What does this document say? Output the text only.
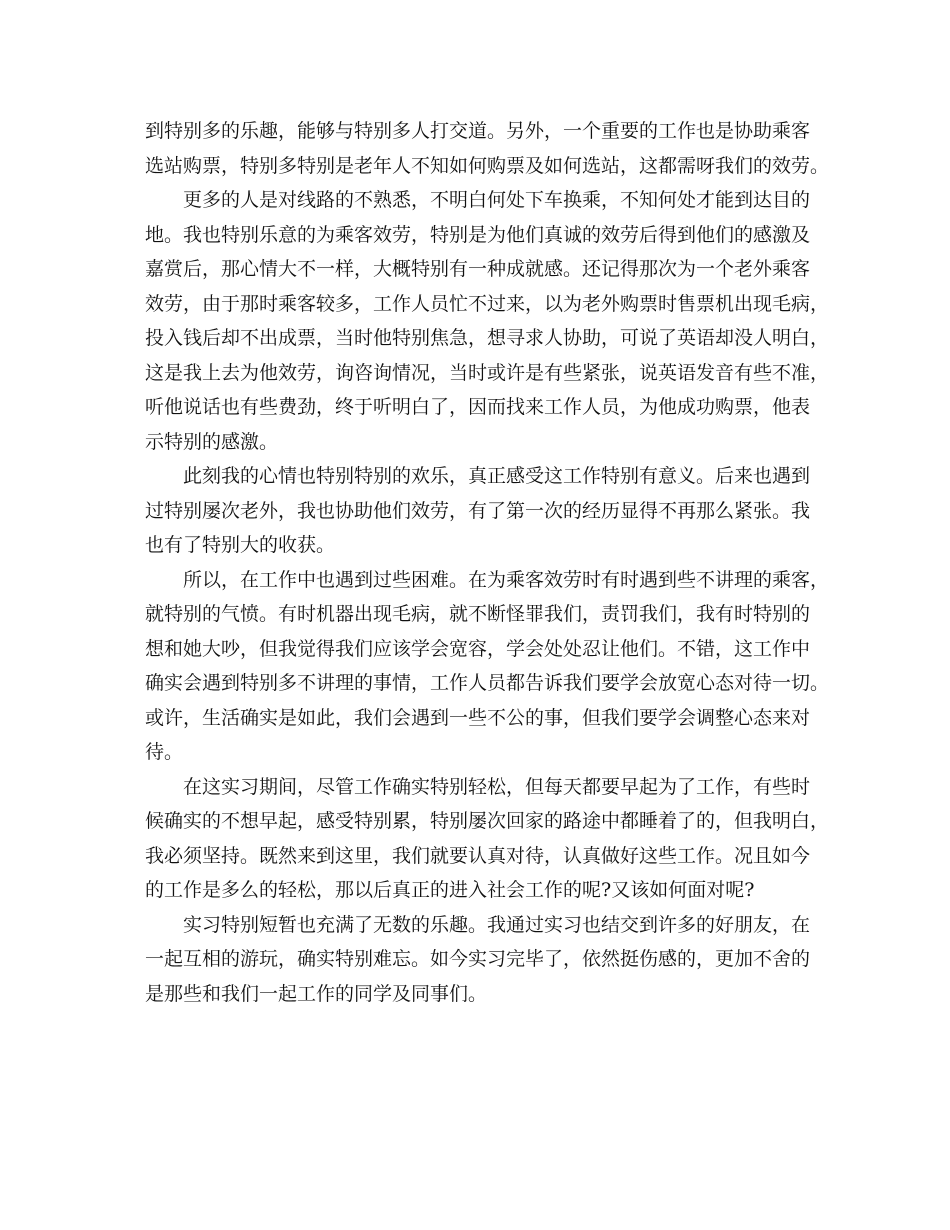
到特别多的乐趣，能够与特别多人打交道。另外，一个重要的工作也是协助乘客
选站购票，特别多特别是老年人不知如何购票及如何选站，这都需呀我们的效劳。
更多的人是对线路的不熟悉，不明白何处下车换乘，不知何处才能到达目的
地。我也特别乐意的为乘客效劳，特别是为他们真诚的效劳后得到他们的感激及
嘉赏后，那心情大不一样，大概特别有一种成就感。还记得那次为一个老外乘客
效劳，由于那时乘客较多，工作人员忙不过来，以为老外购票时售票机出现毛病，
投入钱后却不出成票，当时他特别焦急，想寻求人协助，可说了英语却没人明白，
这是我上去为他效劳，询咨询情况，当时或许是有些紧张，说英语发音有些不准，
听他说话也有些费劲，终于听明白了，因而找来工作人员，为他成功购票，他表
示特别的感激。
此刻我的心情也特别特别的欢乐，真正感受这工作特别有意义。后来也遇到
过特别屡次老外，我也协助他们效劳，有了第一次的经历显得不再那么紧张。我
也有了特别大的收获。
所以，在工作中也遇到过些困难。在为乘客效劳时有时遇到些不讲理的乘客，
就特别的气愤。有时机器出现毛病，就不断怪罪我们，责罚我们，我有时特别的
想和她大吵，但我觉得我们应该学会宽容，学会处处忍让他们。不错，这工作中
确实会遇到特别多不讲理的事情，工作人员都告诉我们要学会放宽心态对待一切。
或许，生活确实是如此，我们会遇到一些不公的事，但我们要学会调整心态来对
待。
在这实习期间，尽管工作确实特别轻松，但每天都要早起为了工作，有些时
候确实的不想早起，感受特别累，特别屡次回家的路途中都睡着了的，但我明白，
我必须坚持。既然来到这里，我们就要认真对待，认真做好这些工作。况且如今
的工作是多么的轻松，那以后真正的进入社会工作的呢?又该如何面对呢?
实习特别短暂也充满了无数的乐趣。我通过实习也结交到许多的好朋友，在
一起互相的游玩，确实特别难忘。如今实习完毕了，依然挺伤感的，更加不舍的
是那些和我们一起工作的同学及同事们。
